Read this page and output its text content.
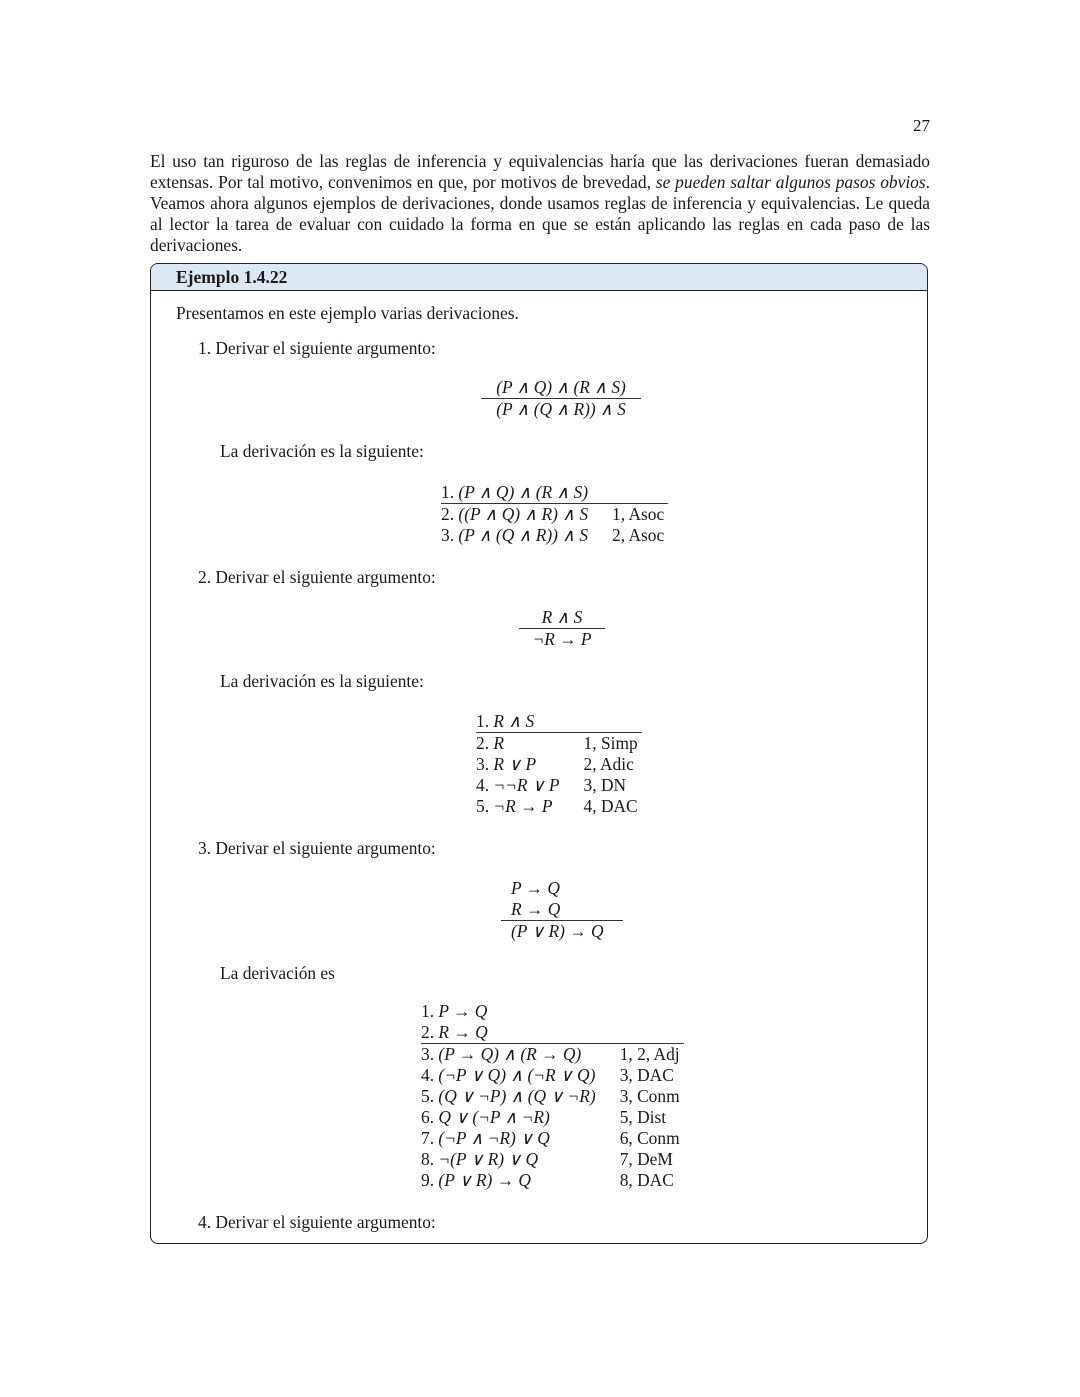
27

El uso tan riguroso de las reglas de inferencia y equivalencias haría que las derivaciones fueran demasiado extensas. Por tal motivo, convenimos en que, por motivos de brevedad, se pueden saltar algunos pasos obvios. Veamos ahora algunos ejemplos de derivaciones, donde usamos reglas de inferencia y equivalencias. Le queda al lector la tarea de evaluar con cuidado la forma en que se están aplicando las reglas en cada paso de las derivaciones.

Ejemplo 1.4.22
Presentamos en este ejemplo varias derivaciones.
1. Derivar el siguiente argumento:
$\frac{(P \wedge Q) \wedge (R \wedge S)}{(P \wedge (Q \wedge R)) \wedge S}$
La derivación es la siguiente:
1. (P ∧ Q) ∧ (R ∧ S)	
2. ((P ∧ Q) ∧ R) ∧ S	1, Asoc
3. (P ∧ (Q ∧ R)) ∧ S	2, Asoc
2. Derivar el siguiente argumento:
$\frac{R \wedge S}{\neg R \to P}$
La derivación es la siguiente:
1. R ∧ S	
2. R	1, Simp
3. R ∨ P	2, Adic
4. ¬¬R ∨ P	3, DN
5. ¬R → P	4, DAC
3. Derivar el siguiente argumento:
P → Q
R → Q
(P ∨ R) → Q
La derivación es
1. P → Q	
2. R → Q	
3. (P → Q) ∧ (R → Q)	1, 2, Adj
4. (¬P ∨ Q) ∧ (¬R ∨ Q)	3, DAC
5. (Q ∨ ¬P) ∧ (Q ∨ ¬R)	3, Conm
6. Q ∨ (¬P ∧ ¬R)	5, Dist
7. (¬P ∧ ¬R) ∨ Q	6, Conm
8. ¬(P ∨ R) ∨ Q	7, DeM
9. (P ∨ R) → Q	8, DAC
4. Derivar el siguiente argumento:
